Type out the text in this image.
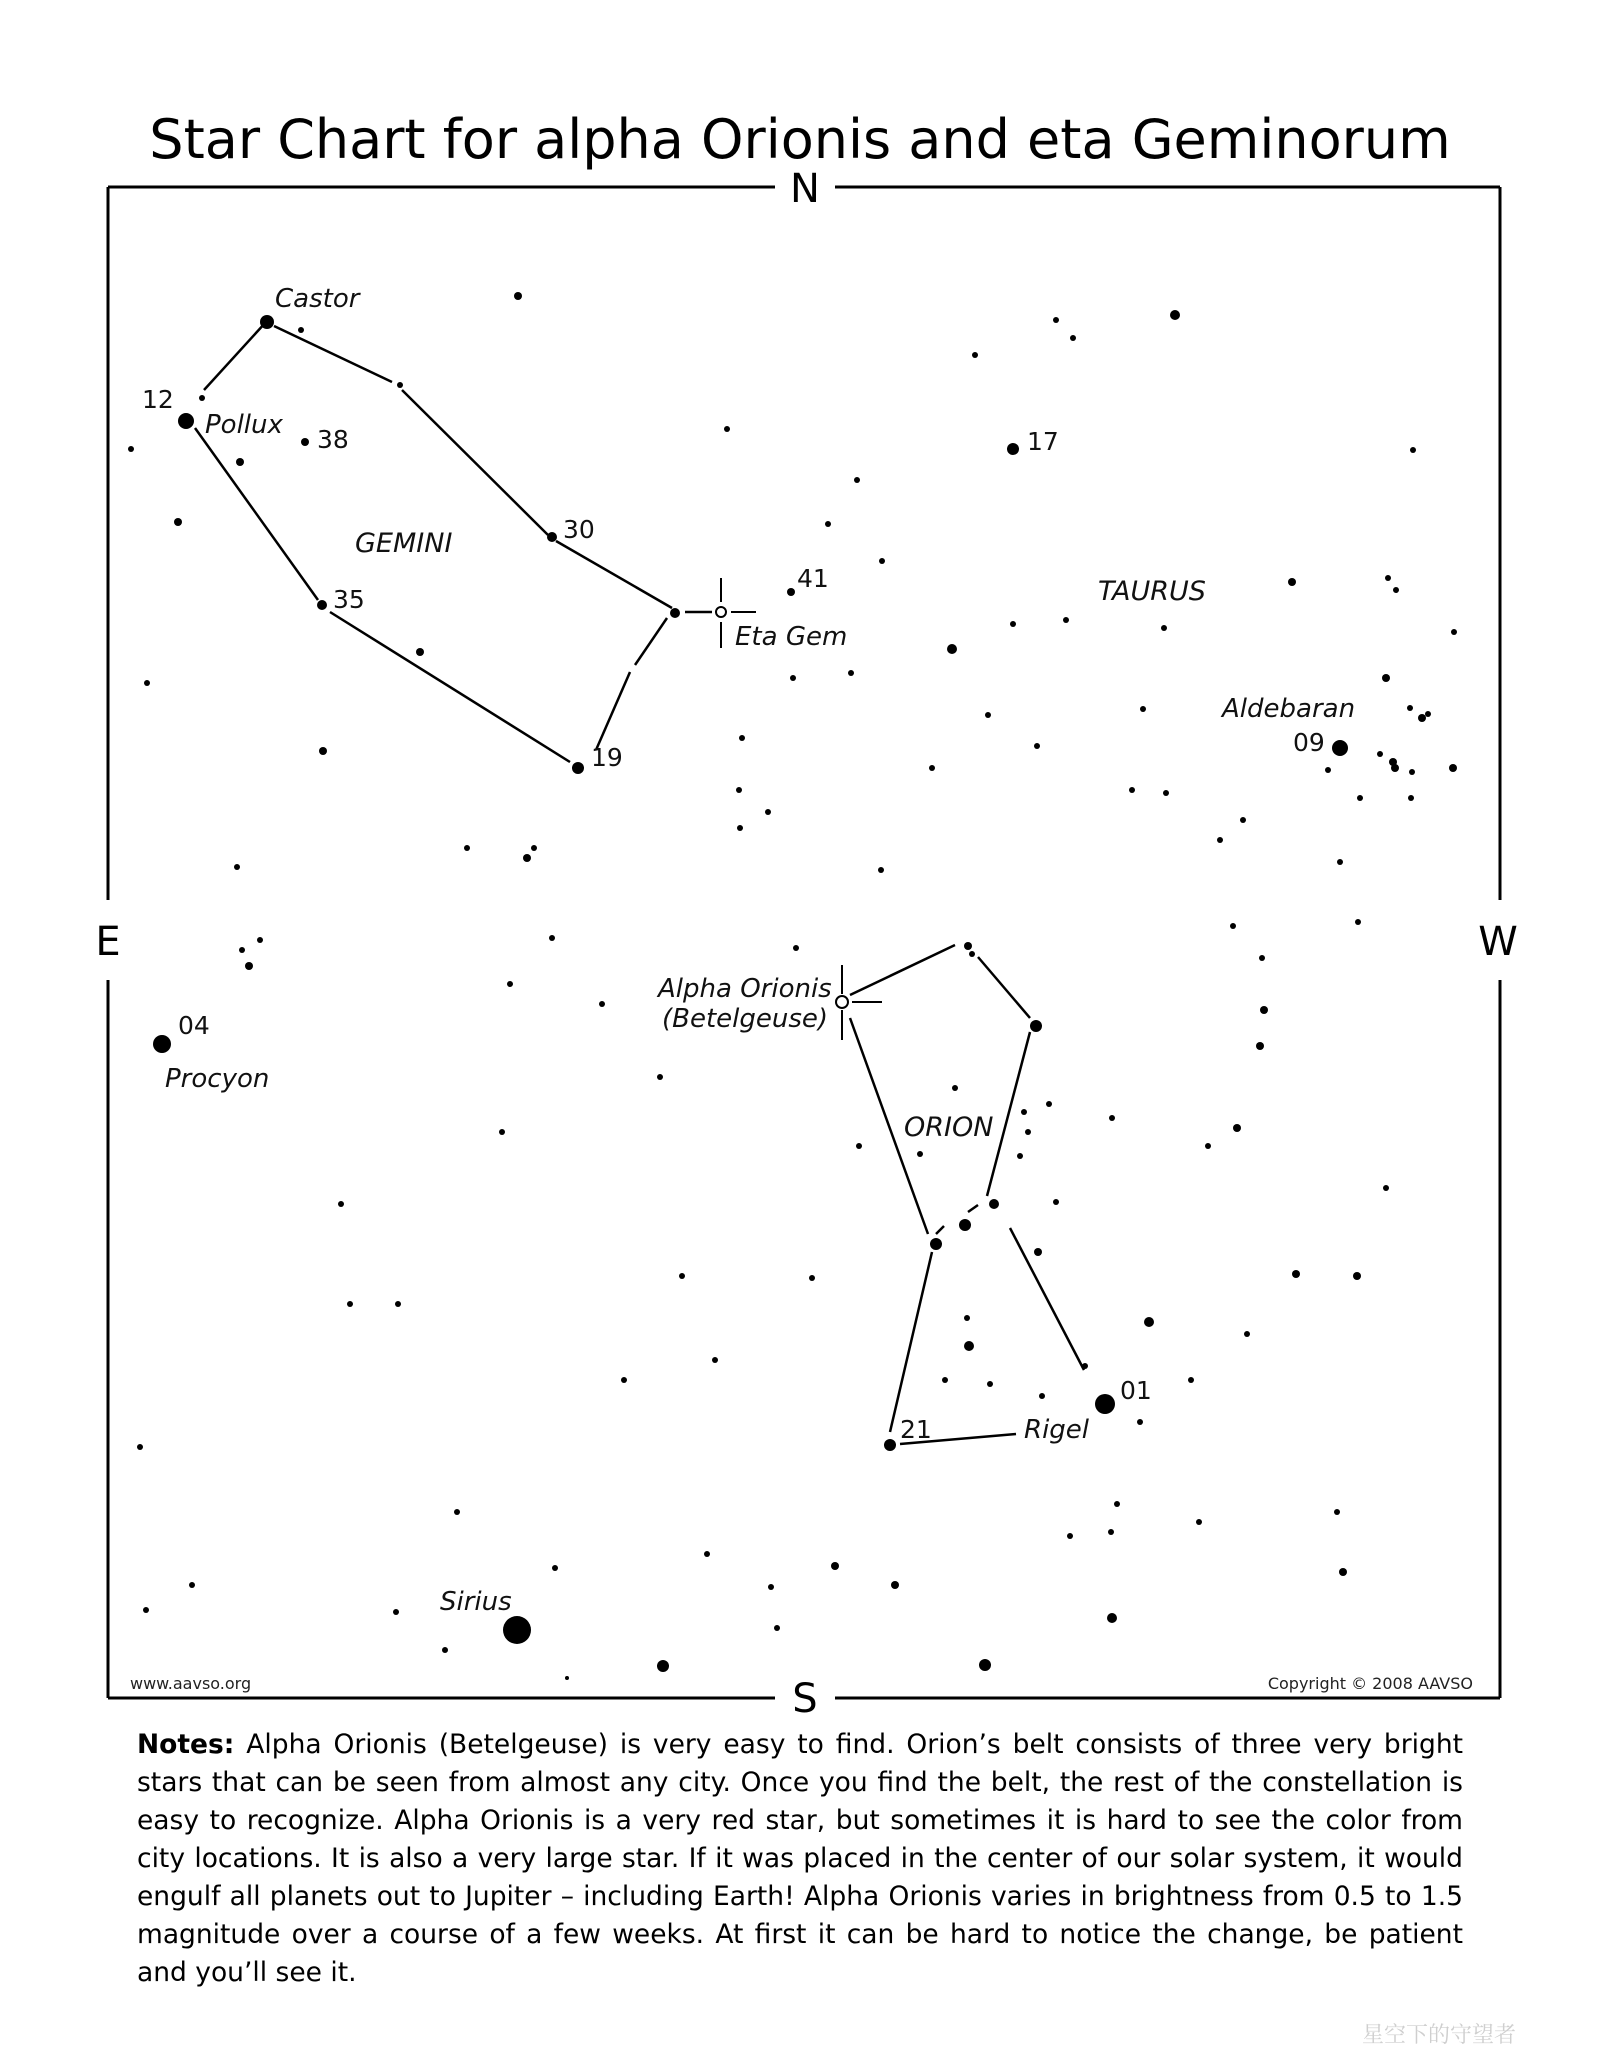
Star Chart for alpha Orionis and eta Geminorum
N
S
E	W
Castor
Pollux
Eta Gem
Aldebaran
Procyon
Alpha Orionis
(Betelgeuse)
Rigel
Sirius
GEMINI
TAURUS
ORION
12
38
30
35
19
41
17
09
04
21
01
www.aavso.org	Copyright © 2008 AAVSO
Notes: Alpha Orionis (Betelgeuse) is very easy to find. Orion’s belt consists of three very bright stars that can be seen from almost any city. Once you find the belt, the rest of the constellation is easy to recognize. Alpha Orionis is a very red star, but sometimes it is hard to see the color from city locations. It is also a very large star. If it was placed in the center of our solar system, it would engulf all planets out to Jupiter – including Earth! Alpha Orionis varies in brightness from 0.5 to 1.5 magnitude over a course of a few weeks. At first it can be hard to notice the change, be patient and you’ll see it.
星空下的守望者
